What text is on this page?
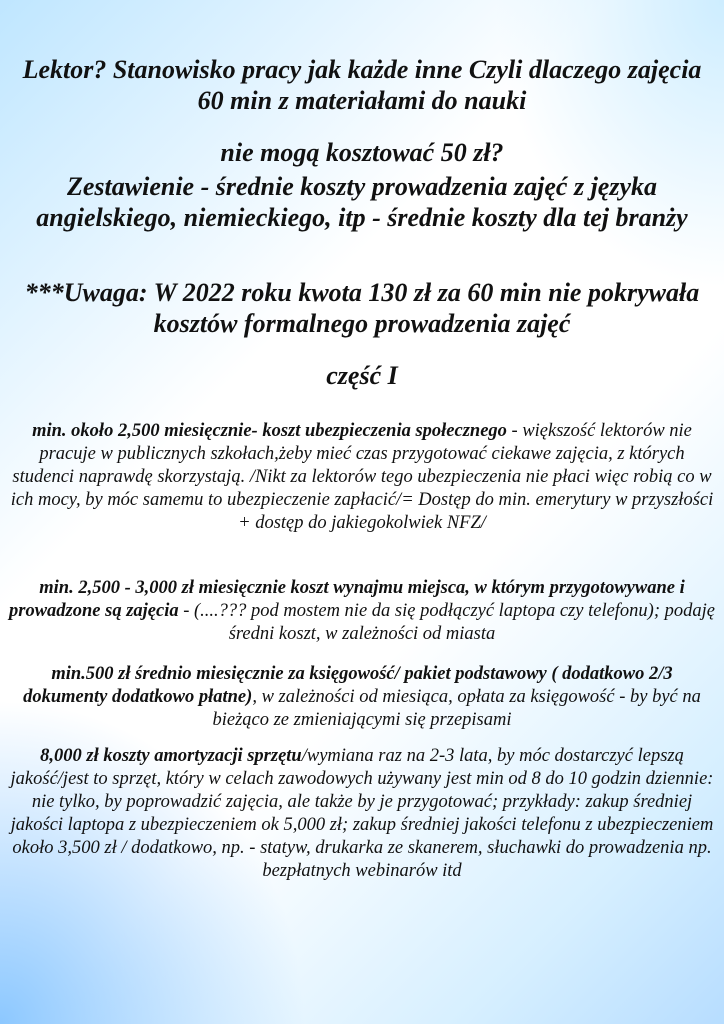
Lektor? Stanowisko pracy jak każde inne Czyli dlaczego zajęcia 60 min z materiałami do nauki

nie mogą kosztować 50 zł?

Zestawienie - średnie koszty prowadzenia zajęć z języka angielskiego, niemieckiego, itp - średnie koszty dla tej branży

***Uwaga: W 2022 roku kwota 130 zł za 60 min nie pokrywała kosztów formalnego prowadzenia zajęć

część I

min. około 2,500 miesięcznie- koszt ubezpieczenia społecznego - większość lektorów nie pracuje w publicznych szkołach,żeby mieć czas przygotować ciekawe zajęcia, z których studenci naprawdę skorzystają. /Nikt za lektorów tego ubezpieczenia nie płaci więc robią co w ich mocy, by móc samemu to ubezpieczenie zapłacić/= Dostęp do min. emerytury w przyszłości + dostęp do jakiegokolwiek NFZ/

min. 2,500 - 3,000 zł miesięcznie koszt wynajmu miejsca, w którym przygotowywane i prowadzone są zajęcia - (....??? pod mostem nie da się podłączyć laptopa czy telefonu); podaję średni koszt, w zależności od miasta

min.500 zł średnio miesięcznie za księgowość/ pakiet podstawowy ( dodatkowo 2/3 dokumenty dodatkowo płatne), w zależności od miesiąca, opłata za księgowość - by być na bieżąco ze zmieniającymi się przepisami

8,000 zł koszty amortyzacji sprzętu/wymiana raz na 2-3 lata, by móc dostarczyć lepszą jakość/jest to sprzęt, który w celach zawodowych używany jest min od 8 do 10 godzin dziennie: nie tylko, by poprowadzić zajęcia, ale także by je przygotować; przykłady: zakup średniej jakości laptopa z ubezpieczeniem ok 5,000 zł; zakup średniej jakości telefonu z ubezpieczeniem około 3,500 zł / dodatkowo, np. - statyw, drukarka ze skanerem, słuchawki do prowadzenia np. bezpłatnych webinarów itd
